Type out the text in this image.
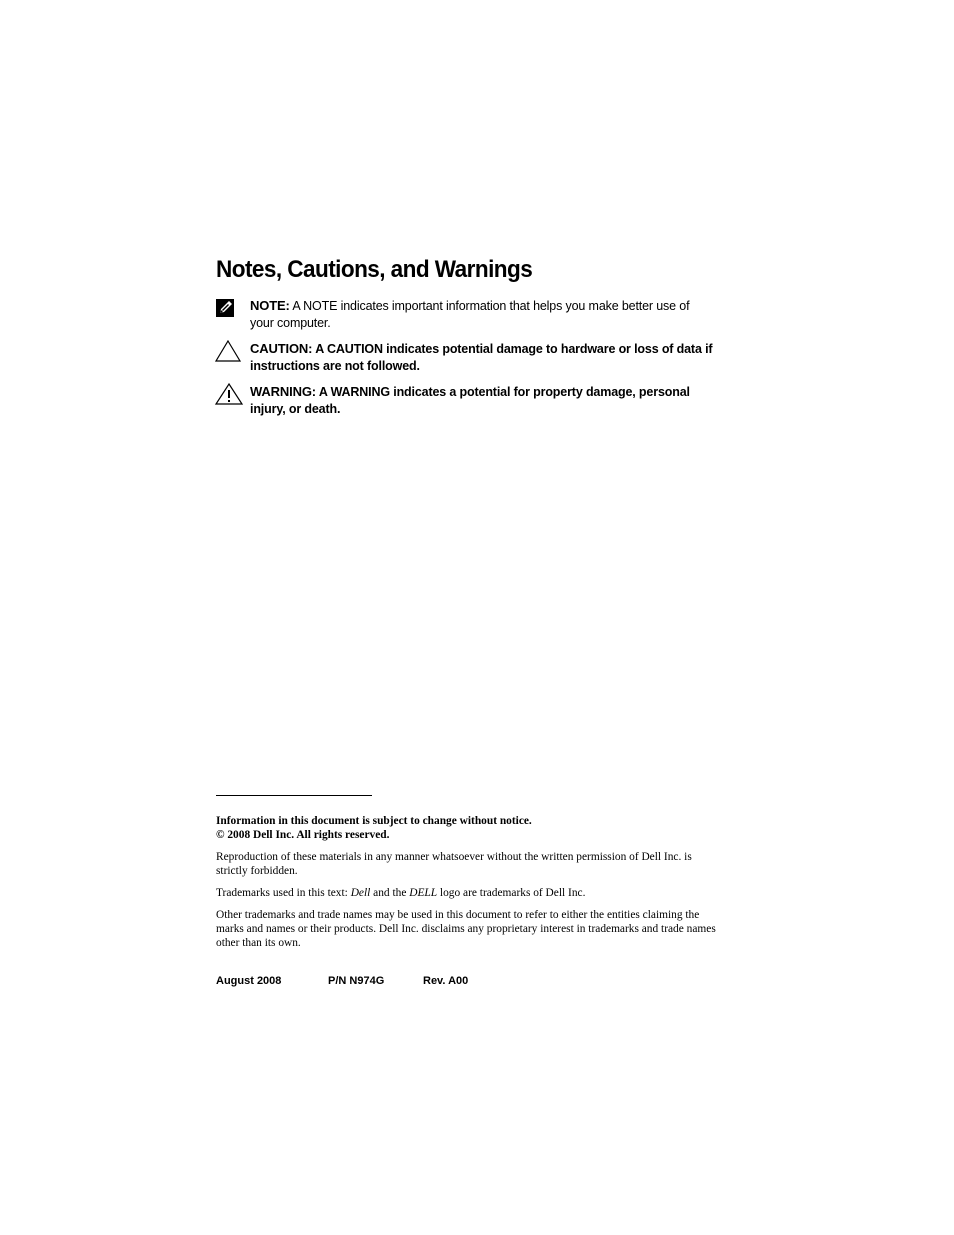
Notes, Cautions, and Warnings
NOTE: A NOTE indicates important information that helps you make better use of your computer.
CAUTION: A CAUTION indicates potential damage to hardware or loss of data if instructions are not followed.
WARNING: A WARNING indicates a potential for property damage, personal injury, or death.
Information in this document is subject to change without notice.
© 2008 Dell Inc. All rights reserved.
Reproduction of these materials in any manner whatsoever without the written permission of Dell Inc. is strictly forbidden.
Trademarks used in this text: Dell and the DELL logo are trademarks of Dell Inc.
Other trademarks and trade names may be used in this document to refer to either the entities claiming the marks and names or their products. Dell Inc. disclaims any proprietary interest in trademarks and trade names other than its own.
August 2008	P/N N974G	Rev. A00
